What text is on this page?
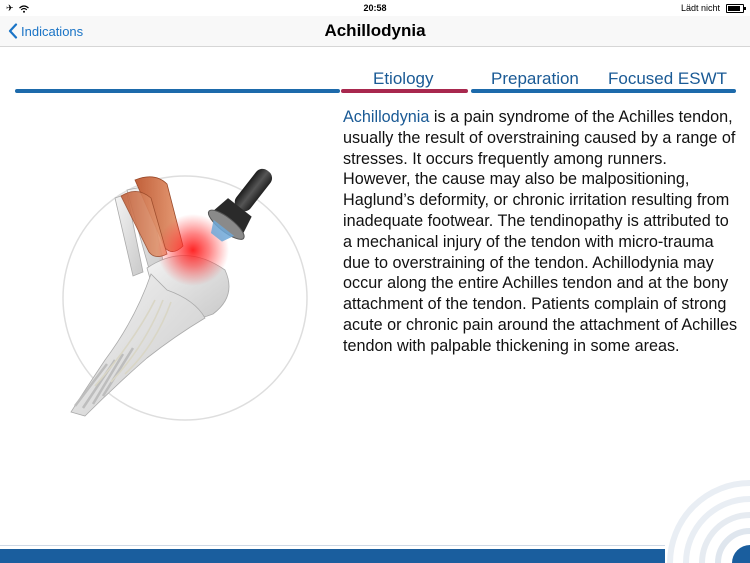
✈	20:58	Lädt nicht
Indications	Achillodynia
Etiology	Preparation Focused ESWT
Achillodynia is a pain syndrome of the Achilles tendon, usually the result of overstraining caused by a range of stresses. It occurs frequently among runners. However, the cause may also be malpositioning, Haglund’s deformity, or chronic irritation resulting from inadequate footwear. The tendinopathy is attributed to a mechanical injury of the tendon with micro-trauma due to overstraining of the tendon. Achillodynia may occur along the entire Achilles tendon and at the bony attachment of the tendon. Patients complain of strong acute or chronic pain around the attachment of Achilles tendon with palpable thickening in some areas.
